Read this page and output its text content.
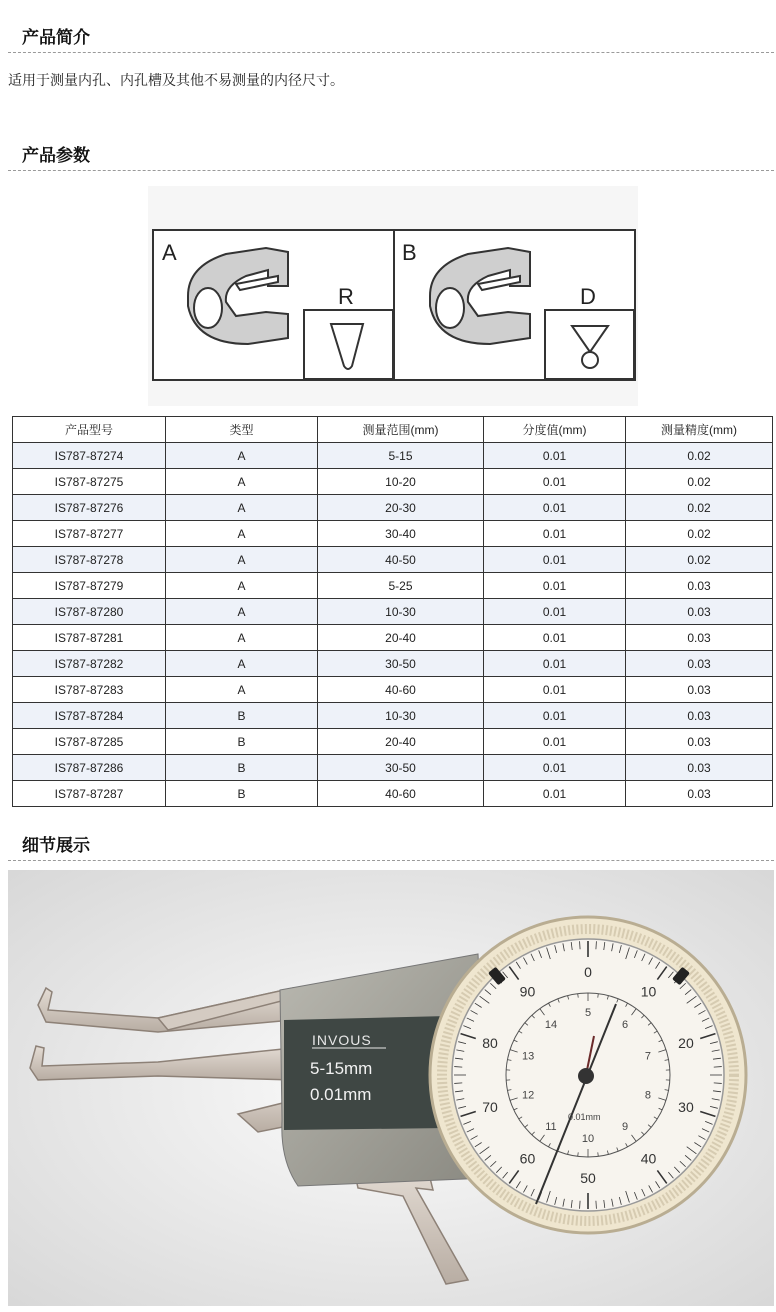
产品简介
适用于测量内孔、内孔槽及其他不易测量的内径尺寸。
产品参数
A
R
B
D
产品型号	类型	测量范围(mm)	分度值(mm)	测量精度(mm)
IS787-87274	A	5-15	0.01	0.02
IS787-87275	A	10-20	0.01	0.02
IS787-87276	A	20-30	0.01	0.02
IS787-87277	A	30-40	0.01	0.02
IS787-87278	A	40-50	0.01	0.02
IS787-87279	A	5-25	0.01	0.03
IS787-87280	A	10-30	0.01	0.03
IS787-87281	A	20-40	0.01	0.03
IS787-87282	A	30-50	0.01	0.03
IS787-87283	A	40-60	0.01	0.03
IS787-87284	B	10-30	0.01	0.03
IS787-87285	B	20-40	0.01	0.03
IS787-87286	B	30-50	0.01	0.03
IS787-87287	B	40-60	0.01	0.03
细节展示
INVOUS
5-15mm
0.01mm
0
10
20
30
40
50
60
70
80
90
5
6
7
8
9
10
11
12
13
14
0.01mm
